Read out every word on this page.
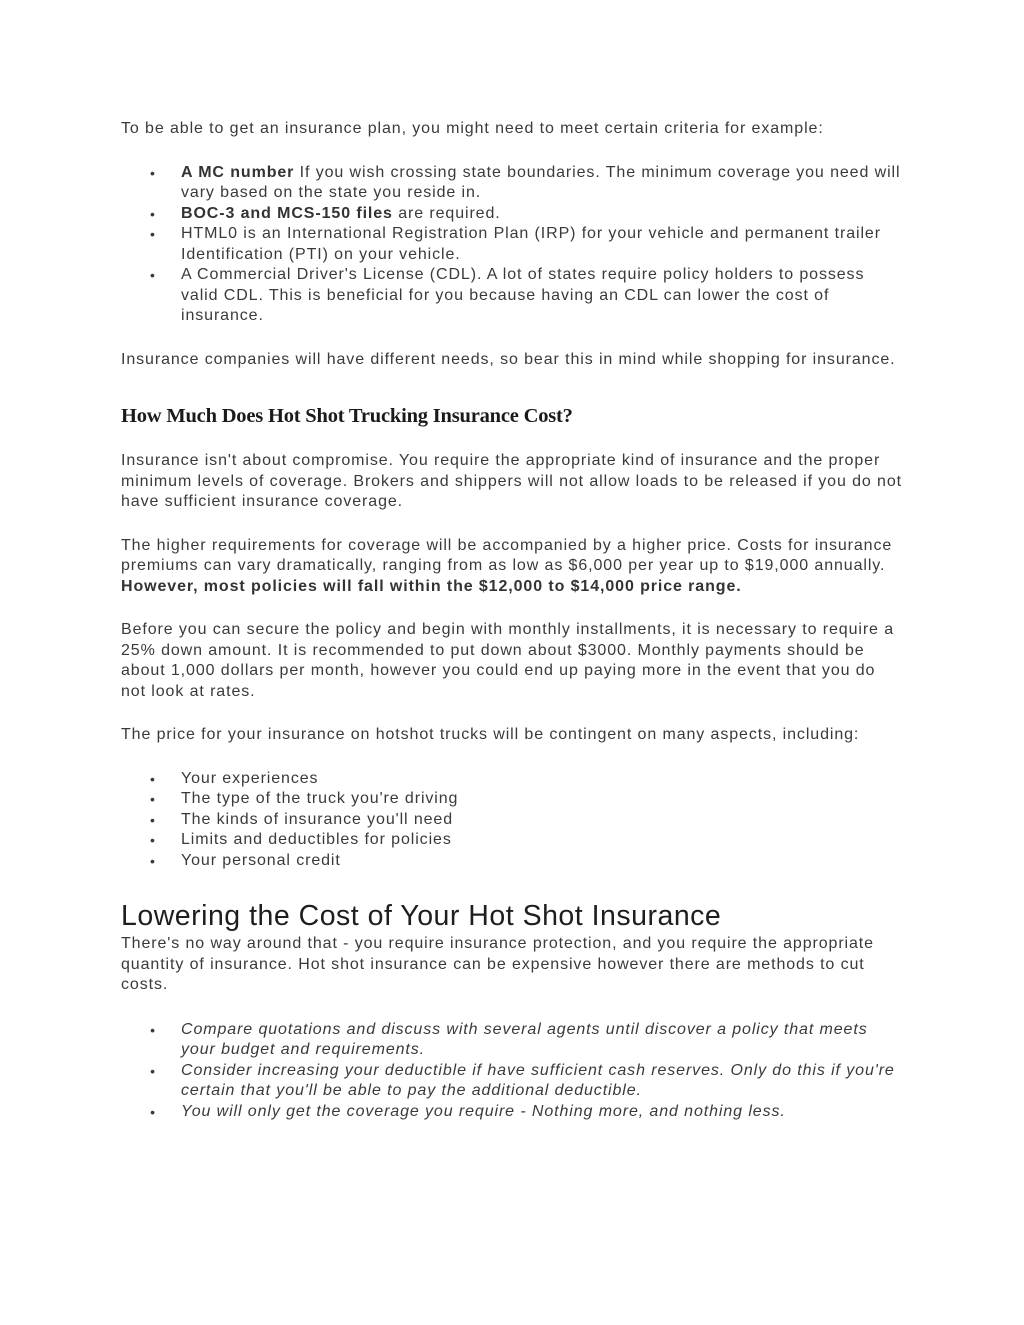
To be able to get an insurance plan, you might need to meet certain criteria for example:

• A MC number If you wish crossing state boundaries. The minimum coverage you need will vary based on the state you reside in.
• BOC-3 and MCS-150 files are required.
• HTML0 is an International Registration Plan (IRP) for your vehicle and permanent trailer Identification (PTI) on your vehicle.
• A Commercial Driver's License (CDL). A lot of states require policy holders to possess valid CDL. This is beneficial for you because having an CDL can lower the cost of insurance.

Insurance companies will have different needs, so bear this in mind while shopping for insurance.

How Much Does Hot Shot Trucking Insurance Cost?

Insurance isn't about compromise. You require the appropriate kind of insurance and the proper minimum levels of coverage. Brokers and shippers will not allow loads to be released if you do not have sufficient insurance coverage.

The higher requirements for coverage will be accompanied by a higher price. Costs for insurance premiums can vary dramatically, ranging from as low as $6,000 per year up to $19,000 annually. However, most policies will fall within the $12,000 to $14,000 price range.

Before you can secure the policy and begin with monthly installments, it is necessary to require a 25% down amount. It is recommended to put down about $3000. Monthly payments should be about 1,000 dollars per month, however you could end up paying more in the event that you do not look at rates.

The price for your insurance on hotshot trucks will be contingent on many aspects, including:

• Your experiences
• The type of the truck you're driving
• The kinds of insurance you'll need
• Limits and deductibles for policies
• Your personal credit
Lowering the Cost of Your Hot Shot Insurance

There's no way around that - you require insurance protection, and you require the appropriate quantity of insurance. Hot shot insurance can be expensive however there are methods to cut costs.

• Compare quotations and discuss with several agents until discover a policy that meets your budget and requirements.
• Consider increasing your deductible if have sufficient cash reserves. Only do this if you're certain that you'll be able to pay the additional deductible.
• You will only get the coverage you require - Nothing more, and nothing less.
